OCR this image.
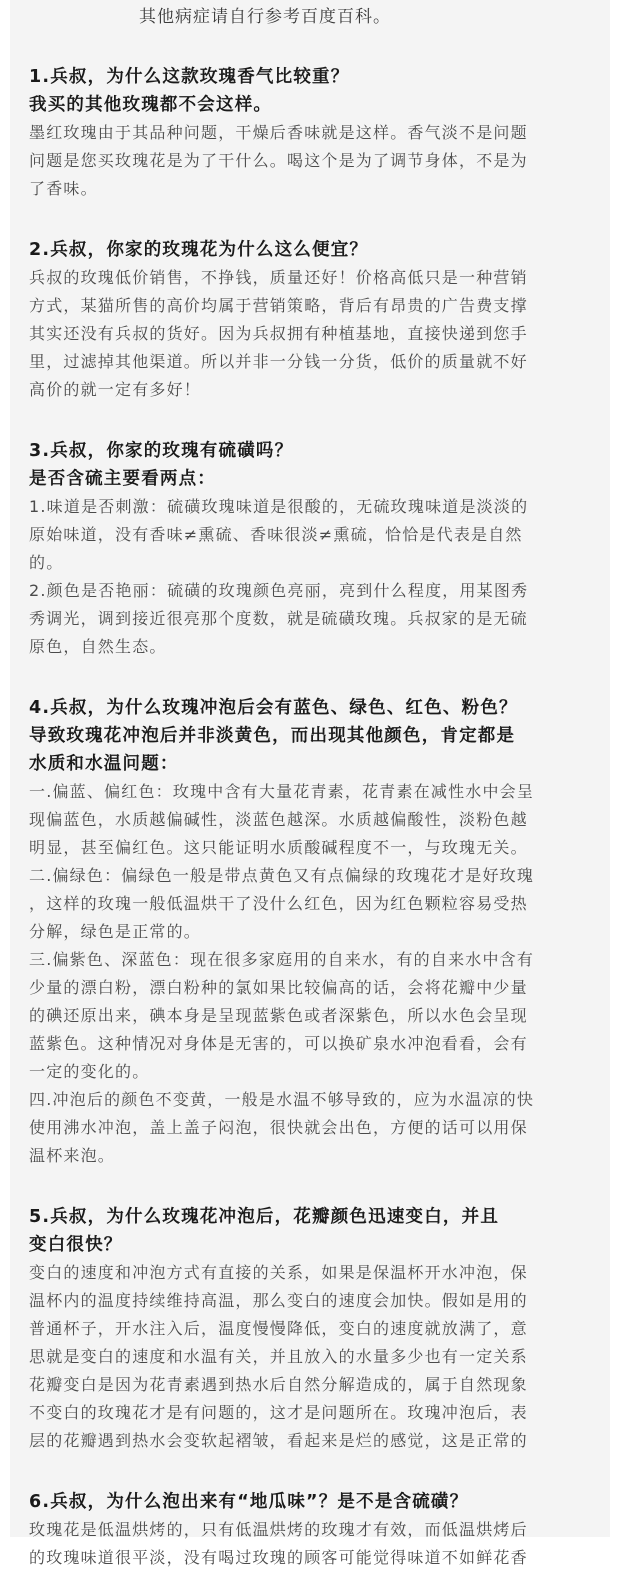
其他病症请自行参考百度百科。

1.兵叔，为什么这款玫瑰香气比较重？

我买的其他玫瑰都不会这样。

墨红玫瑰由于其品种问题，干燥后香味就是这样。香气淡不是问题

问题是您买玫瑰花是为了干什么。喝这个是为了调节身体，不是为

了香味。

2.兵叔，你家的玫瑰花为什么这么便宜？

兵叔的玫瑰低价销售，不挣钱，质量还好！价格高低只是一种营销

方式，某猫所售的高价均属于营销策略，背后有昂贵的广告费支撑

其实还没有兵叔的货好。因为兵叔拥有种植基地，直接快递到您手

里，过滤掉其他渠道。所以并非一分钱一分货，低价的质量就不好

高价的就一定有多好！

3.兵叔，你家的玫瑰有硫磺吗？

是否含硫主要看两点：

1.味道是否刺激：硫磺玫瑰味道是很酸的，无硫玫瑰味道是淡淡的

原始味道，没有香味≠熏硫、香味很淡≠熏硫，恰恰是代表是自然

的。

2.颜色是否艳丽：硫磺的玫瑰颜色亮丽，亮到什么程度，用某图秀

秀调光，调到接近很亮那个度数，就是硫磺玫瑰。兵叔家的是无硫

原色，自然生态。

4.兵叔，为什么玫瑰冲泡后会有蓝色、绿色、红色、粉色？

导致玫瑰花冲泡后并非淡黄色，而出现其他颜色，肯定都是

水质和水温问题：

一.偏蓝、偏红色：玫瑰中含有大量花青素，花青素在减性水中会呈

现偏蓝色，水质越偏碱性，淡蓝色越深。水质越偏酸性，淡粉色越

明显，甚至偏红色。这只能证明水质酸碱程度不一，与玫瑰无关。

二.偏绿色：偏绿色一般是带点黄色又有点偏绿的玫瑰花才是好玫瑰

，这样的玫瑰一般低温烘干了没什么红色，因为红色颗粒容易受热

分解，绿色是正常的。

三.偏紫色、深蓝色：现在很多家庭用的自来水，有的自来水中含有

少量的漂白粉，漂白粉种的氯如果比较偏高的话，会将花瓣中少量

的碘还原出来，碘本身是呈现蓝紫色或者深紫色，所以水色会呈现

蓝紫色。这种情况对身体是无害的，可以换矿泉水冲泡看看，会有

一定的变化的。

四.冲泡后的颜色不变黄，一般是水温不够导致的，应为水温凉的快

使用沸水冲泡，盖上盖子闷泡，很快就会出色，方便的话可以用保

温杯来泡。

5.兵叔，为什么玫瑰花冲泡后，花瓣颜色迅速变白，并且

变白很快？

变白的速度和冲泡方式有直接的关系，如果是保温杯开水冲泡，保

温杯内的温度持续维持高温，那么变白的速度会加快。假如是用的

普通杯子，开水注入后，温度慢慢降低，变白的速度就放满了，意

思就是变白的速度和水温有关，并且放入的水量多少也有一定关系

花瓣变白是因为花青素遇到热水后自然分解造成的，属于自然现象

不变白的玫瑰花才是有问题的，这才是问题所在。玫瑰冲泡后，表

层的花瓣遇到热水会变软起褶皱，看起来是烂的感觉，这是正常的

6.兵叔，为什么泡出来有“地瓜味”？是不是含硫磺？

玫瑰花是低温烘烤的，只有低温烘烤的玫瑰才有效，而低温烘烤后

的玫瑰味道很平淡，没有喝过玫瑰的顾客可能觉得味道不如鲜花香
